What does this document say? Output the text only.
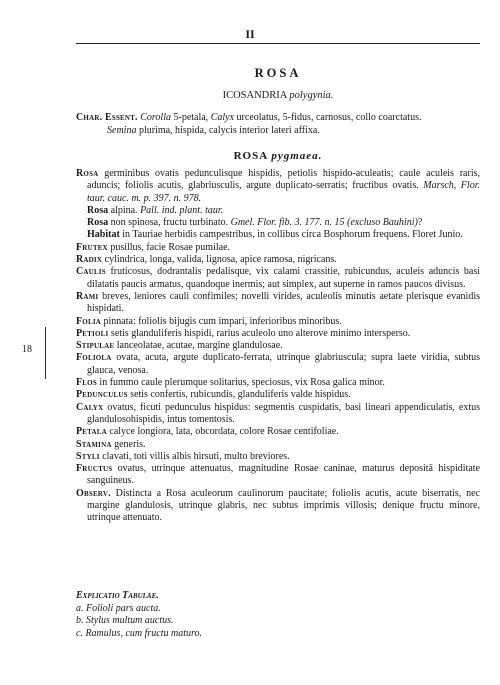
II
18
ROSA
ICOSANDRIA polygynia.
Char. Essent. Corolla 5-petala, Calyx urceolatus, 5-fidus, carnosus, collo coarctatus.
Semina plurima, hispida, calycis interior lateri affixa.
ROSA pygmaea.

Rosa germinibus ovatis pedunculisque hispidis, petiolis hispido-aculeatis; caule aculeis raris, aduncis; foliolis acutis, glabriusculis, argute duplicato-serratis; fructibus ovatis. Marsch, Flor. taur. cauc. m. p. 397. n. 978.

Rosa alpina. Pall. ind. plant. taur.

Rosa non spinosa, fructu turbinato. Gmel. Flor. fib. 3. 177. n. 15 (excluso Bauhini)?

Habitat in Tauriae herbidis campestribus, in collibus circa Bosphorum frequens. Floret Junio.

Frutex pusillus, facie Rosae pumilae.

Radix cylindrica, longa, valida, lignosa, apice ramosa, nigricans.

Caulis fruticosus, dodrantalis pedalisque, vix calami crassitie, rubicundus, aculeis aduncis basi dilatatis paucis armatus, quandoque inermis; aut simplex, aut superne in ramos paucos divisus.

Rami breves, leniores cauli confimiles; novelli virides, aculeolis minutis aetate plerisque evanidis hispidati.

Folia pinnata: foliolis bijugis cum impari, inferioribus minoribus.

Petioli setis glanduliferis hispidi, rarius aculeolo uno alterove minimo intersperso.

Stipulae lanceolatae, acutae, margine glandulosae.

Foliola ovata, acuta, argute duplicato-ferrata, utrinque glabriuscula; supra laete viridia, subtus glauca, venosa.

Flos in fummo caule plerumque solitarius, speciosus, vix Rosa galica minor.

Pedunculus setis confertis, rubicundis, glanduliferis valde hispidus.

Calyx ovatus, ficuti pedunculus hispidus: segmentis cuspidatis, basi lineari appendiculatis, extus glandulosohispidis, intus tomentosis.

Petala calyce longiora, lata, obcordata, colore Rosae centifoliae.

Stamina generis.

Styli clavati, toti villis albis hirsuti, multo breviores.

Fructus ovatus, utrinque attenuatus, magnitudine Rosae caninae, maturus depositā hispiditate sanguineus.

Observ. Distincta a Rosa aculeorum caulinorum paucitate; foliolis acutis, acute biserratis, nec margine glandulosis, utrinque glabris, nec subtus imprimis villosis; denique fructu minore, utrinque attenuato.

Explicatio Tabulae.
a. Folioli pars aucta.
b. Stylus multum auctus.
c. Ramulus, cum fructu maturo.
